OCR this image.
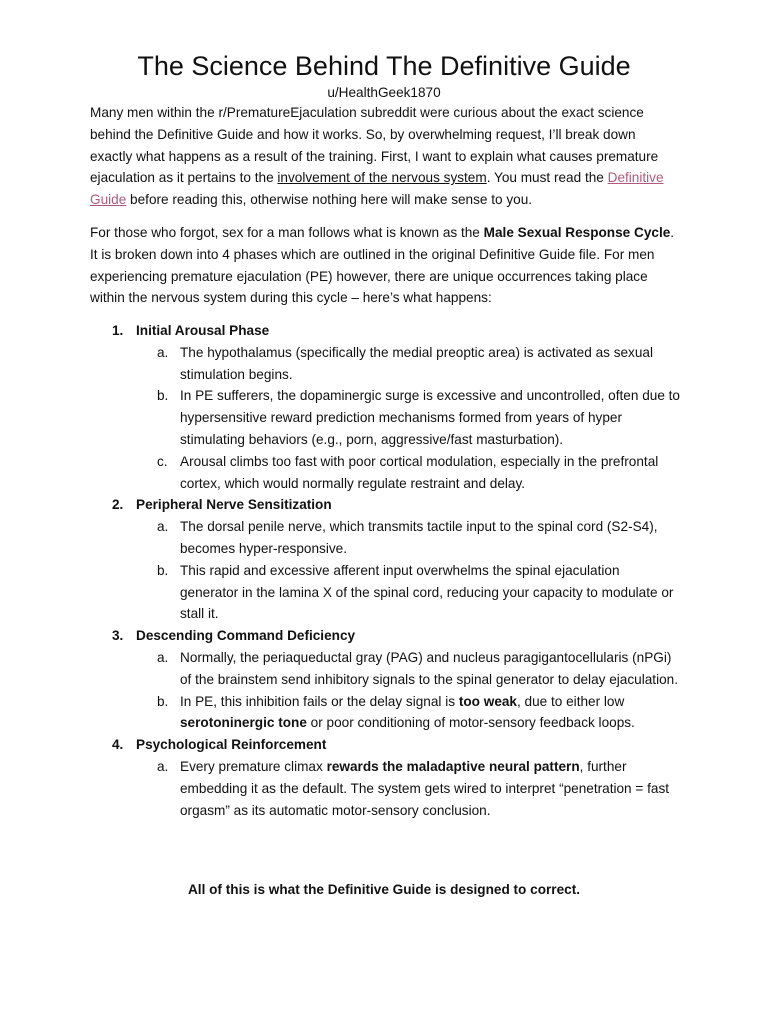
The Science Behind The Definitive Guide
u/HealthGeek1870

Many men within the r/PrematureEjaculation subreddit were curious about the exact science behind the Definitive Guide and how it works. So, by overwhelming request, I’ll break down exactly what happens as a result of the training. First, I want to explain what causes premature ejaculation as it pertains to the involvement of the nervous system. You must read the Definitive Guide before reading this, otherwise nothing here will make sense to you.

For those who forgot, sex for a man follows what is known as the Male Sexual Response Cycle. It is broken down into 4 phases which are outlined in the original Definitive Guide file. For men experiencing premature ejaculation (PE) however, there are unique occurrences taking place within the nervous system during this cycle – here’s what happens:

1. Initial Arousal Phase
a. The hypothalamus (specifically the medial preoptic area) is activated as sexual stimulation begins.
b. In PE sufferers, the dopaminergic surge is excessive and uncontrolled, often due to hypersensitive reward prediction mechanisms formed from years of hyper stimulating behaviors (e.g., porn, aggressive/fast masturbation).
c. Arousal climbs too fast with poor cortical modulation, especially in the prefrontal cortex, which would normally regulate restraint and delay.
2. Peripheral Nerve Sensitization
a. The dorsal penile nerve, which transmits tactile input to the spinal cord (S2-S4), becomes hyper-responsive.
b. This rapid and excessive afferent input overwhelms the spinal ejaculation generator in the lamina X of the spinal cord, reducing your capacity to modulate or stall it.
3. Descending Command Deficiency
a. Normally, the periaqueductal gray (PAG) and nucleus paragigantocellularis (nPGi) of the brainstem send inhibitory signals to the spinal generator to delay ejaculation.
b. In PE, this inhibition fails or the delay signal is too weak, due to either low serotoninergic tone or poor conditioning of motor-sensory feedback loops.
4. Psychological Reinforcement
a. Every premature climax rewards the maladaptive neural pattern, further embedding it as the default. The system gets wired to interpret “penetration = fast orgasm” as its automatic motor-sensory conclusion.
All of this is what the Definitive Guide is designed to correct.
